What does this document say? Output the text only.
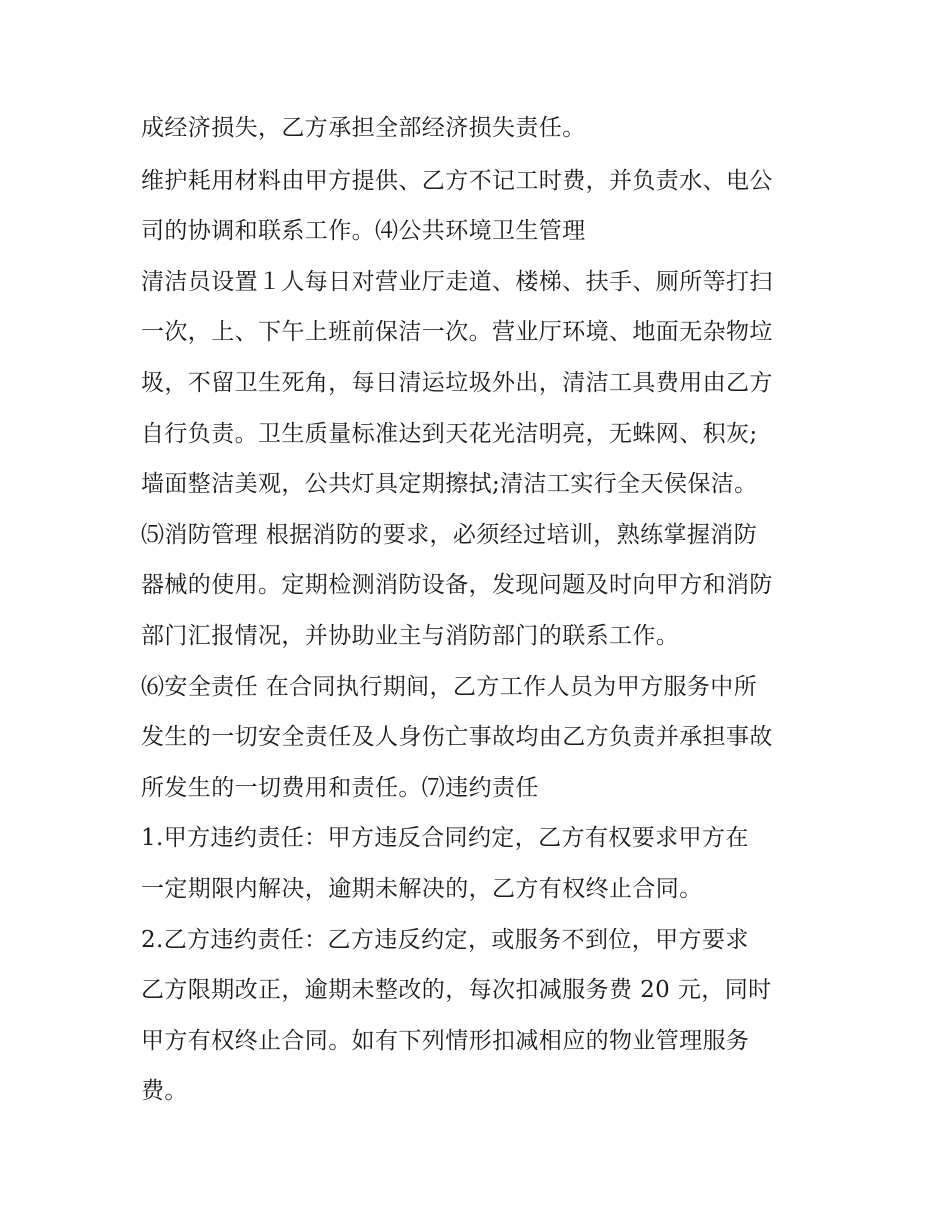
成经济损失，乙方承担全部经济损失责任。
维护耗用材料由甲方提供、乙方不记工时费，并负责水、电公
司的协调和联系工作。⑷公共环境卫生管理
清洁员设置１人每日对营业厅走道、楼梯、扶手、厕所等打扫
一次，上、下午上班前保洁一次。营业厅环境、地面无杂物垃
圾，不留卫生死角，每日清运垃圾外出，清洁工具费用由乙方
自行负责。卫生质量标准达到天花光洁明亮，无蛛网、积灰;
墙面整洁美观，公共灯具定期擦拭;清洁工实行全天侯保洁。
⑸消防管理 根据消防的要求，必须经过培训，熟练掌握消防
器械的使用。定期检测消防设备，发现问题及时向甲方和消防
部门汇报情况，并协助业主与消防部门的联系工作。
⑹安全责任 在合同执行期间，乙方工作人员为甲方服务中所
发生的一切安全责任及人身伤亡事故均由乙方负责并承担事故
所发生的一切费用和责任。⑺违约责任
1.甲方违约责任：甲方违反合同约定，乙方有权要求甲方在
一定期限内解决，逾期未解决的，乙方有权终止合同。
2.乙方违约责任：乙方违反约定，或服务不到位，甲方要求
乙方限期改正，逾期未整改的，每次扣减服务费 20 元，同时
甲方有权终止合同。如有下列情形扣减相应的物业管理服务
费。
